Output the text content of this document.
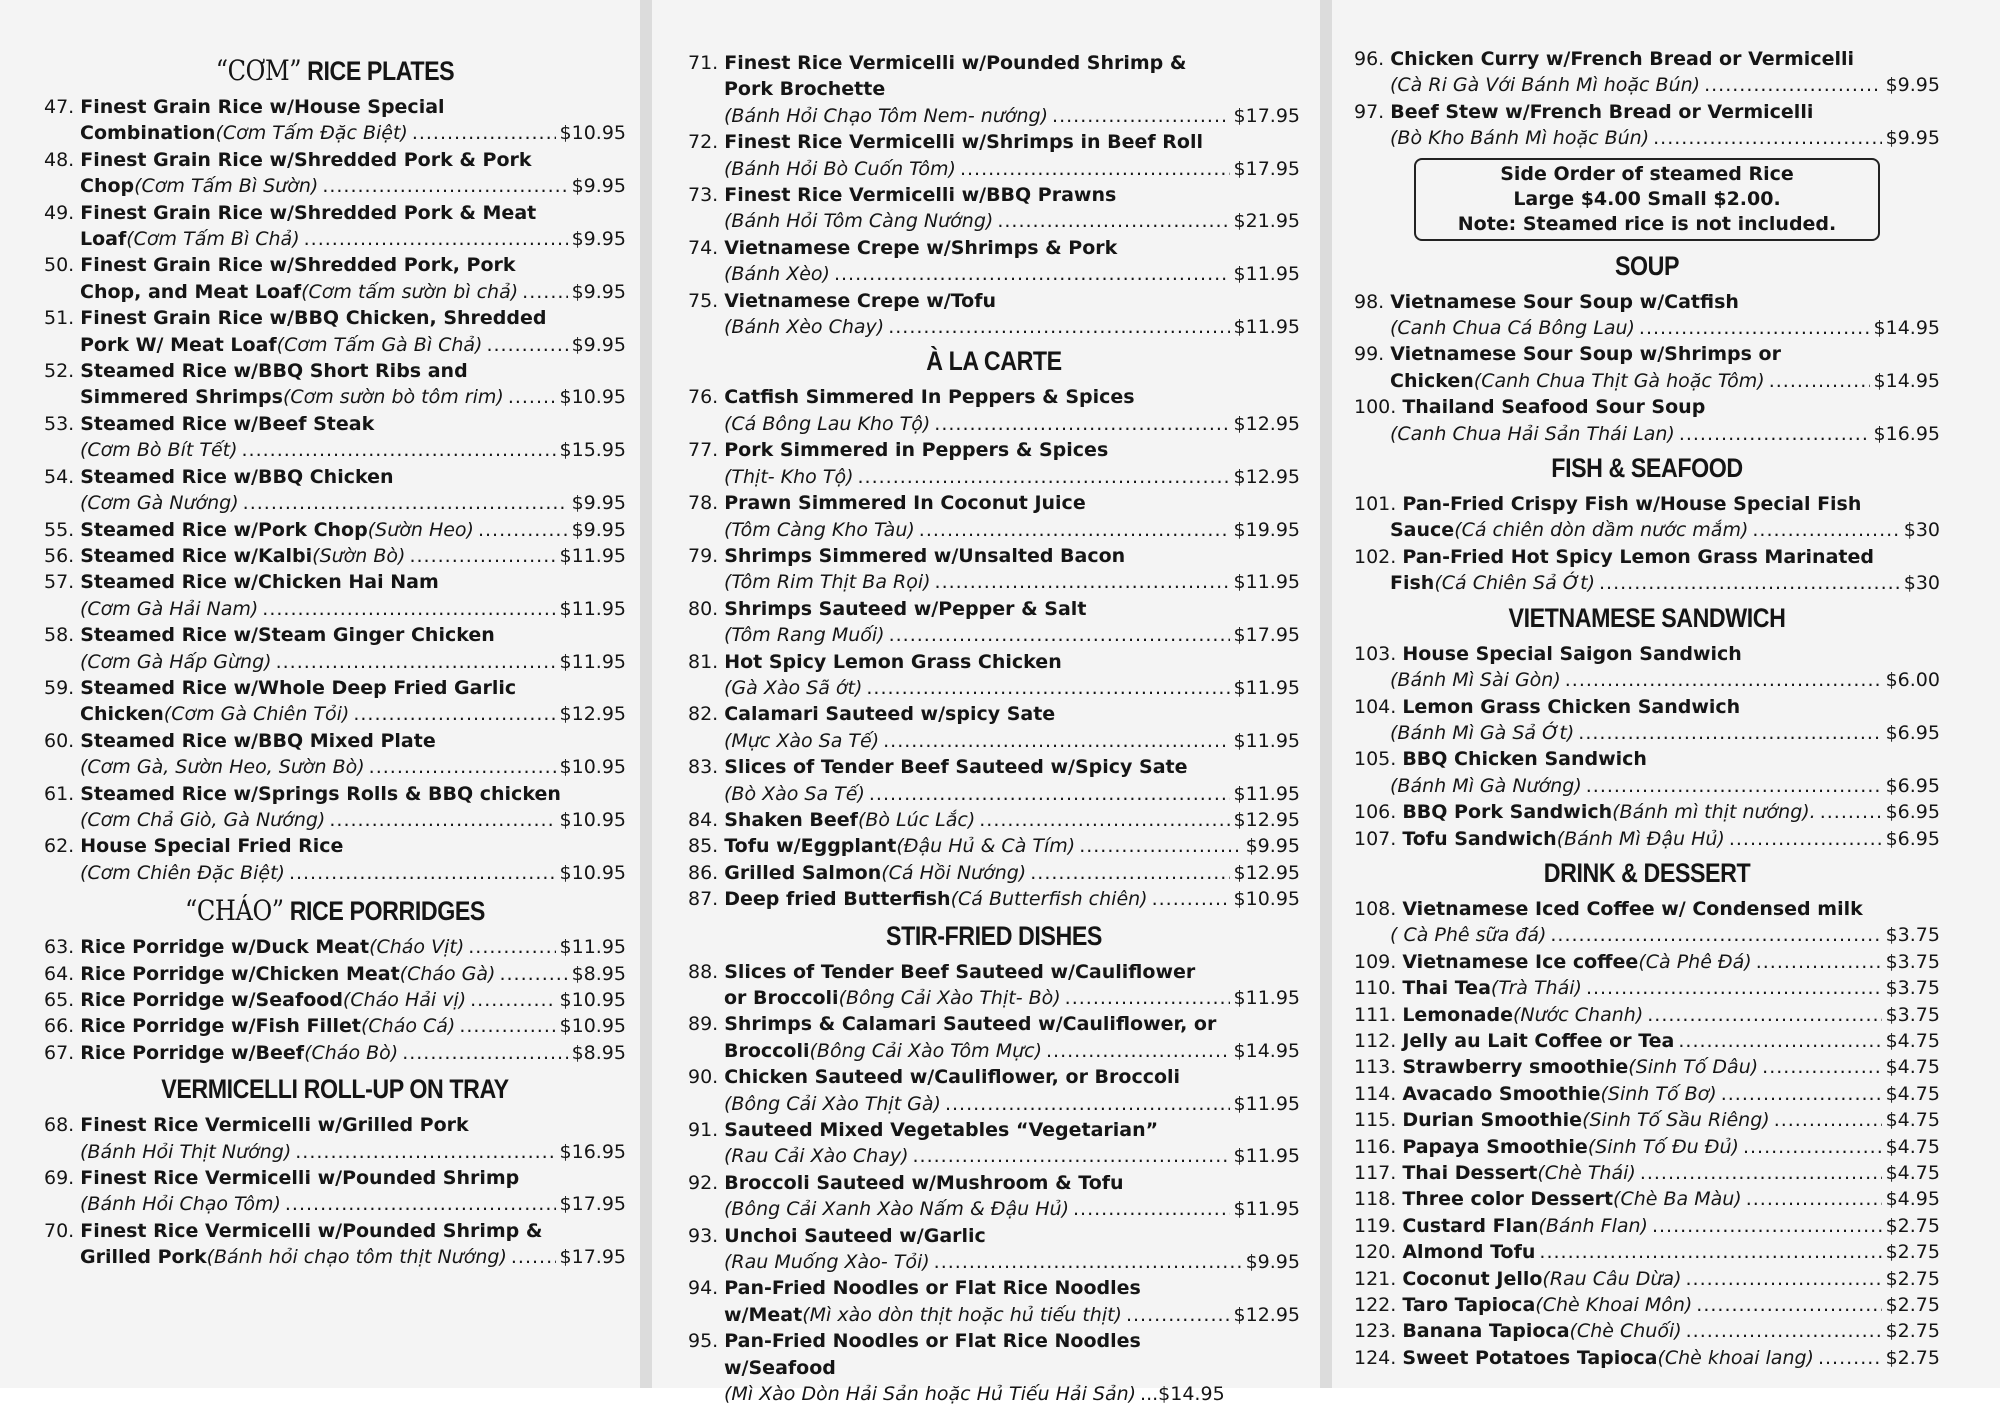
“CƠM” RICE PLATES
47. Finest Grain Rice w/House Special
Combination (Cơm Tấm Đặc Biệt) .....	$10.95
48. Finest Grain Rice w/Shredded Pork & Pork
Chop (Cơm Tấm Bì Sườn) .....	$9.95
49. Finest Grain Rice w/Shredded Pork & Meat
Loaf (Cơm Tấm Bì Chả) .....	$9.95
50. Finest Grain Rice w/Shredded Pork, Pork
Chop, and Meat Loaf (Cơm tấm sườn bì chả) .....	$9.95
51. Finest Grain Rice w/BBQ Chicken, Shredded
Pork W/ Meat Loaf (Cơm Tấm Gà Bì Chả) .....	$9.95
52. Steamed Rice w/BBQ Short Ribs and
Simmered Shrimps (Cơm sườn bò tôm rim) .....	$10.95
53. Steamed Rice w/Beef Steak
(Cơm Bò Bít Tết) .....	$15.95
54. Steamed Rice w/BBQ Chicken
(Cơm Gà Nướng) .....	$9.95
55. Steamed Rice w/Pork Chop (Sườn Heo) .....	$9.95
56. Steamed Rice w/Kalbi (Sườn Bò) .....	$11.95
57. Steamed Rice w/Chicken Hai Nam
(Cơm Gà Hải Nam) .....	$11.95
58. Steamed Rice w/Steam Ginger Chicken
(Cơm Gà Hấp Gừng) .....	$11.95
59. Steamed Rice w/Whole Deep Fried Garlic
Chicken (Cơm Gà Chiên Tỏi) .....	$12.95
60. Steamed Rice w/BBQ Mixed Plate
(Cơm Gà, Sườn Heo, Sườn Bò) .....	$10.95
61. Steamed Rice w/Springs Rolls & BBQ chicken
(Cơm Chả Giò, Gà Nướng) .....	$10.95
62. House Special Fried Rice
(Cơm Chiên Đặc Biệt) .....	$10.95
“CHÁO” RICE PORRIDGES
63. Rice Porridge w/Duck Meat (Cháo Vịt) .....	$11.95
64. Rice Porridge w/Chicken Meat (Cháo Gà) .....	$8.95
65. Rice Porridge w/Seafood (Cháo Hải vị) .....	$10.95
66. Rice Porridge w/Fish Fillet (Cháo Cá) .....	$10.95
67. Rice Porridge w/Beef (Cháo Bò) .....	$8.95
VERMICELLI ROLL-UP ON TRAY
68. Finest Rice Vermicelli w/Grilled Pork
(Bánh Hỏi Thịt Nướng) .....	$16.95
69. Finest Rice Vermicelli w/Pounded Shrimp
(Bánh Hỏi Chạo Tôm) .....	$17.95
70. Finest Rice Vermicelli w/Pounded Shrimp &
Grilled Pork (Bánh hỏi chạo tôm thịt Nướng) .....	$17.95
71. Finest Rice Vermicelli w/Pounded Shrimp &
Pork Brochette
(Bánh Hỏi Chạo Tôm Nem- nướng) .....	$17.95
72. Finest Rice Vermicelli w/Shrimps in Beef Roll
(Bánh Hỏi Bò Cuốn Tôm) .....	$17.95
73. Finest Rice Vermicelli w/BBQ Prawns
(Bánh Hỏi Tôm Càng Nướng) .....	$21.95
74. Vietnamese Crepe w/Shrimps & Pork
(Bánh Xèo) .....	$11.95
75. Vietnamese Crepe w/Tofu
(Bánh Xèo Chay) .....	$11.95
À LA CARTE
76. Catfish Simmered In Peppers & Spices
(Cá Bông Lau Kho Tộ) .....	$12.95
77. Pork Simmered in Peppers & Spices
(Thịt- Kho Tộ) .....	$12.95
78. Prawn Simmered In Coconut Juice
(Tôm Càng Kho Tàu) .....	$19.95
79. Shrimps Simmered w/Unsalted Bacon
(Tôm Rim Thịt Ba Rọi) .....	$11.95
80. Shrimps Sauteed w/Pepper & Salt
(Tôm Rang Muối) .....	$17.95
81. Hot Spicy Lemon Grass Chicken
(Gà Xào Sã ớt) .....	$11.95
82. Calamari Sauteed w/spicy Sate
(Mực Xào Sa Tế) .....	$11.95
83. Slices of Tender Beef Sauteed w/Spicy Sate
(Bò Xào Sa Tế) .....	$11.95
84. Shaken Beef (Bò Lúc Lắc) .....	$12.95
85. Tofu w/Eggplant (Đậu Hủ & Cà Tím) .....	$9.95
86. Grilled Salmon (Cá Hồi Nướng) .....	$12.95
87. Deep fried Butterfish (Cá Butterfish chiên) .....	$10.95
STIR-FRIED DISHES
88. Slices of Tender Beef Sauteed w/Cauliflower
or Broccoli (Bông Cải Xào Thịt- Bò) .....	$11.95
89. Shrimps & Calamari Sauteed w/Cauliflower, or
Broccoli (Bông Cải Xào Tôm Mực) .....	$14.95
90. Chicken Sauteed w/Cauliflower, or Broccoli
(Bông Cải Xào Thịt Gà) .....	$11.95
91. Sauteed Mixed Vegetables “Vegetarian”
(Rau Cải Xào Chay) .....	$11.95
92. Broccoli Sauteed w/Mushroom & Tofu
(Bông Cải Xanh Xào Nấm & Đậu Hủ) .....	$11.95
93. Unchoi Sauteed w/Garlic
(Rau Muống Xào- Tỏi) .....	$9.95
94. Pan-Fried Noodles or Flat Rice Noodles
w/Meat (Mì xào dòn thịt hoặc hủ tiếu thịt) .....	$12.95
95. Pan-Fried Noodles or Flat Rice Noodles
w/Seafood
(Mì Xào Dòn Hải Sản hoặc Hủ Tiếu Hải Sản) ... $14.95
96. Chicken Curry w/French Bread or Vermicelli
(Cà Ri Gà Với Bánh Mì hoặc Bún) .....	$9.95
97. Beef Stew w/French Bread or Vermicelli
(Bò Kho Bánh Mì hoặc Bún) .....	$9.95
Side Order of steamed Rice
Large $4.00 Small $2.00.
Note: Steamed rice is not included.
SOUP
98. Vietnamese Sour Soup w/Catfish
(Canh Chua Cá Bông Lau) .....	$14.95
99. Vietnamese Sour Soup w/Shrimps or
Chicken (Canh Chua Thịt Gà hoặc Tôm) .....	$14.95
100. Thailand Seafood Sour Soup
(Canh Chua Hải Sản Thái Lan) .....	$16.95
FISH & SEAFOOD
101. Pan-Fried Crispy Fish w/House Special Fish
Sauce (Cá chiên dòn dầm nước mắm) .....	$30
102. Pan-Fried Hot Spicy Lemon Grass Marinated
Fish (Cá Chiên Sả Ớt) .....	$30
VIETNAMESE SANDWICH
103. House Special Saigon Sandwich
(Bánh Mì Sài Gòn) .....	$6.00
104. Lemon Grass Chicken Sandwich
(Bánh Mì Gà Sả Ớt) .....	$6.95
105. BBQ Chicken Sandwich
(Bánh Mì Gà Nướng) .....	$6.95
106. BBQ Pork Sandwich (Bánh mì thịt nướng). .....	$6.95
107. Tofu Sandwich (Bánh Mì Đậu Hủ) .....	$6.95
DRINK & DESSERT
108. Vietnamese Iced Coffee w/ Condensed milk
( Cà Phê sữa đá) .....	$3.75
109. Vietnamese Ice coffee (Cà Phê Đá) .....	$3.75
110. Thai Tea (Trà Thái) .....	$3.75
111. Lemonade (Nước Chanh) .....	$3.75
112. Jelly au Lait Coffee or Tea .....	$4.75
113. Strawberry smoothie (Sinh Tố Dâu) .....	$4.75
114. Avacado Smoothie (Sinh Tố Bơ) .....	$4.75
115. Durian Smoothie (Sinh Tố Sầu Riêng) .....	$4.75
116. Papaya Smoothie (Sinh Tố Đu Đủ) .....	$4.75
117. Thai Dessert (Chè Thái) .....	$4.75
118. Three color Dessert (Chè Ba Màu) .....	$4.95
119. Custard Flan (Bánh Flan) .....	$2.75
120. Almond Tofu .....	$2.75
121. Coconut Jello (Rau Câu Dừa) .....	$2.75
122. Taro Tapioca (Chè Khoai Môn) .....	$2.75
123. Banana Tapioca (Chè Chuối) .....	$2.75
124. Sweet Potatoes Tapioca (Chè khoai lang) .....	$2.75
